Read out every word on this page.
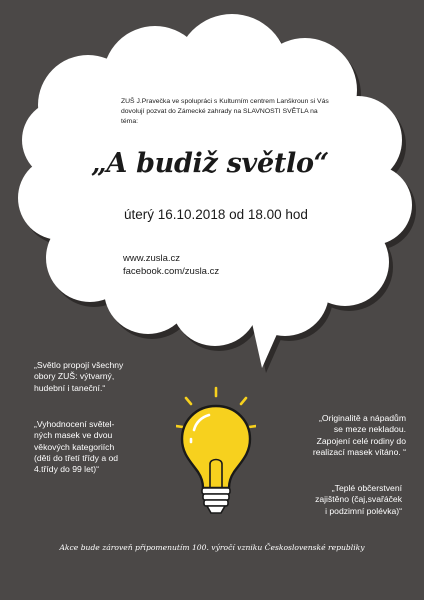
ZUŠ J.Pravečka ve spolupráci s Kulturním centrem Lanškroun si Vás
dovolují pozvat do Zámecké zahrady na SLAVNOSTI SVĚTLA na téma:
„A budiž světlo“
úterý 16.10.2018 od 18.00 hod
www.zusla.cz
facebook.com/zusla.cz

„Světlo propojí všechny

obory ZUŠ: výtvarný,

hudební i taneční.“

„Vyhodnocení světel-

ných masek ve dvou

věkových kategoriích

(děti do třetí třídy a od

4.třídy do 99 let)“

„Originalitě a nápadům

se meze nekladou.

Zapojení celé rodiny do

realizací masek vítáno. “

„Teplé občerstvení

zajištěno (čaj,svařáček

i podzimní polévka)“

Akce bude zároveň připomenutím 100. výročí vzniku Československé republiky
